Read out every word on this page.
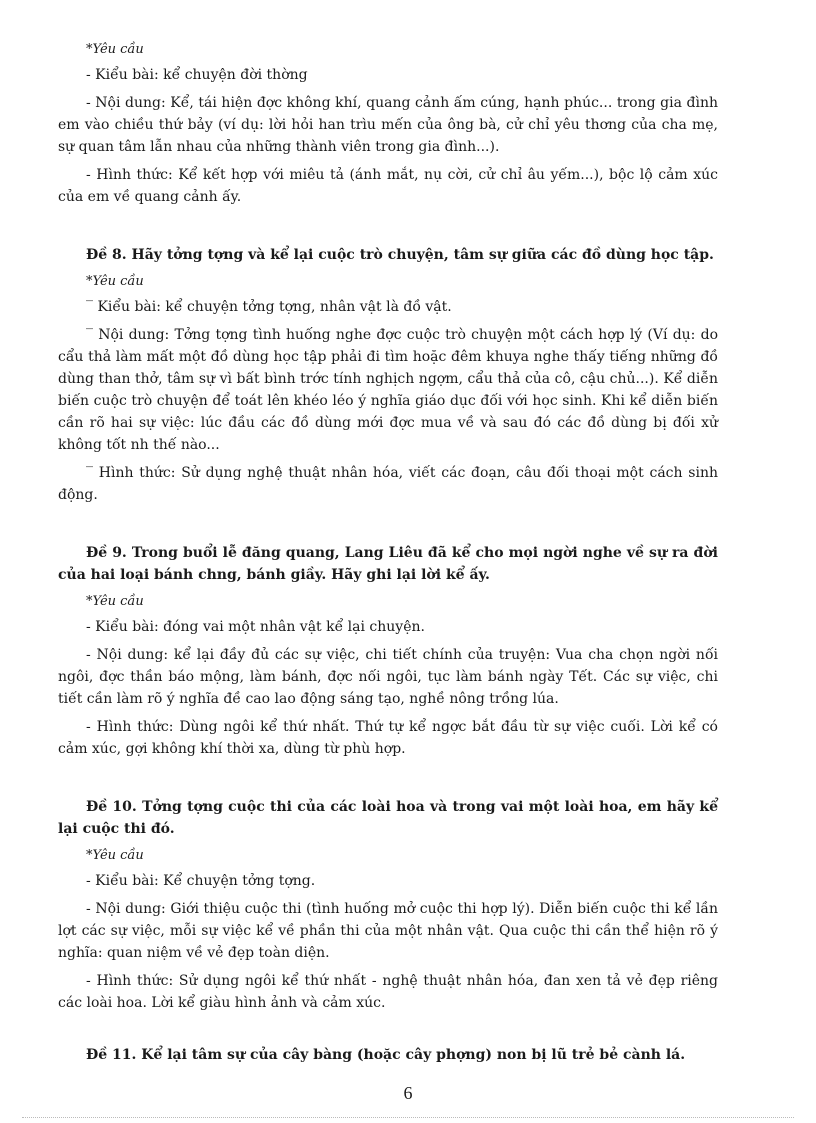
*Yêu cầu

- Kiểu bài: kể chuyện đời thờng

- Nội dung: Kể, tái hiện đợc không khí, quang cảnh ấm cúng, hạnh phúc... trong gia đình em vào chiều thứ bảy (ví dụ: lời hỏi han trìu mến của ông bà, cử chỉ yêu thơng của cha mẹ, sự quan tâm lẫn nhau của những thành viên trong gia đình...).

- Hình thức: Kể kết hợp với miêu tả (ánh mắt, nụ cời, cử chỉ âu yếm...), bộc lộ cảm xúc của em về quang cảnh ấy.

Đề 8. Hãy tởng tợng và kể lại cuộc trò chuyện, tâm sự giữa các đồ dùng học tập.

*Yêu cầu

‾ Kiểu bài: kể chuyện tởng tợng, nhân vật là đồ vật.

‾ Nội dung: Tởng tợng tình huống nghe đợc cuộc trò chuyện một cách hợp lý (Ví dụ: do cẩu thả làm mất một đồ dùng học tập phải đi tìm hoặc đêm khuya nghe thấy tiếng những đồ dùng than thở, tâm sự vì bất bình trớc tính nghịch ngợm, cẩu thả của cô, cậu chủ...). Kể diễn biến cuộc trò chuyện để toát lên khéo léo ý nghĩa giáo dục đối với học sinh. Khi kể diễn biến cần rõ hai sự việc: lúc đầu các đồ dùng mới đợc mua về và sau đó các đồ dùng bị đối xử không tốt nh thế nào...

‾ Hình thức: Sử dụng nghệ thuật nhân hóa, viết các đoạn, câu đối thoại một cách sinh động.

Đề 9. Trong buổi lễ đăng quang, Lang Liêu đã kể cho mọi ngời nghe về sự ra đời của hai loại bánh chng, bánh giầy. Hãy ghi lại lời kể ấy.

*Yêu cầu

- Kiểu bài: đóng vai một nhân vật kể lại chuyện.

- Nội dung: kể lại đầy đủ các sự việc, chi tiết chính của truyện: Vua cha chọn ngời nối ngôi, đợc thần báo mộng, làm bánh, đợc nối ngôi, tục làm bánh ngày Tết. Các sự việc, chi tiết cần làm rõ ý nghĩa đề cao lao động sáng tạo, nghề nông trồng lúa.

- Hình thức: Dùng ngôi kể thứ nhất. Thứ tự kể ngợc bắt đầu từ sự việc cuối. Lời kể có cảm xúc, gợi không khí thời xa, dùng từ phù hợp.

Đề 10. Tởng tợng cuộc thi của các loài hoa và trong vai một loài hoa, em hãy kể lại cuộc thi đó.

*Yêu cầu

- Kiểu bài: Kể chuyện tởng tợng.

- Nội dung: Giới thiệu cuộc thi (tình huống mở cuộc thi hợp lý). Diễn biến cuộc thi kể lần lợt các sự việc, mỗi sự việc kể về phần thi của một nhân vật. Qua cuộc thi cần thể hiện rõ ý nghĩa: quan niệm về vẻ đẹp toàn diện.

- Hình thức: Sử dụng ngôi kể thứ nhất - nghệ thuật nhân hóa, đan xen tả vẻ đẹp riêng các loài hoa. Lời kể giàu hình ảnh và cảm xúc.

Đề 11. Kể lại tâm sự của cây bàng (hoặc cây phợng) non bị lũ trẻ bẻ cành lá.

6
